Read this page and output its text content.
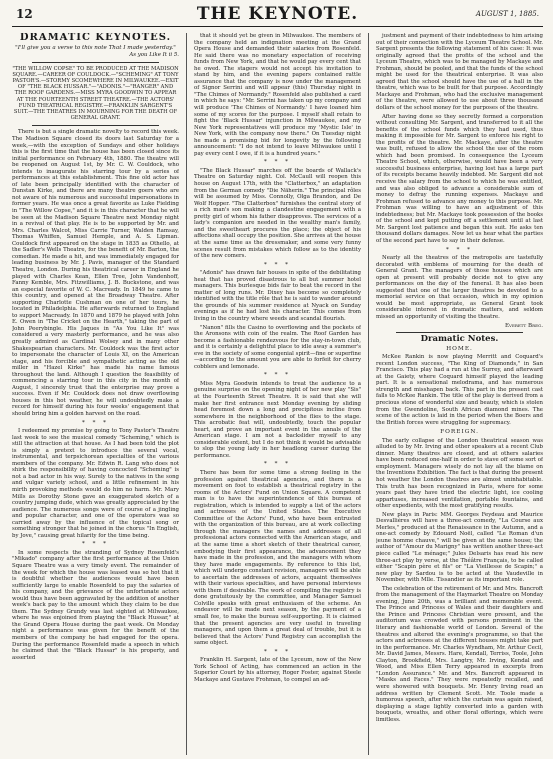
12	THE KEYNOTE.	AUGUST 1, 1885.
DRAMATIC KEYNOTES.
"I'll give you a verse to this note That I made yesterday."
As you Like It ii 5.
"THE WILLOW COPSE" TO BE PRODUCED AT THE MADISON SQUARE.—CAREER OF COULDOCK.—"SCHEMING" AT TONY PASTOR'S.—STORMY SCOMEWHERE IN MILWAUKEE.—EXIT OF "THE BLACK HUSSAR."—"ADONIS."—"RANGER" AND THE ROOF GARDENS.—MISS MYRA GOODWIN TO APPEAR AT THE FOURTEENTH STREET THEATRE.—THE ACTORS' FUND THEATRICAL REGISTRY.—FRANKLIN SARGENT'S SUIT.—THE THEATRES IN MOURNING FOR THE DEATH OF GENERAL GRANT.

There is but a single dramatic novelty to record this week. The Madison Square closed its doors last Saturday for a week,—with the exception of Sundays and other holidays this is the first time that the house has been closed since its initial performance on February 4th, 1880. The theatre will be reopened on August 1st, by Mr. C. W. Couldock, who intends to inaugurate his starring tour by a series of performances at this establishment. This fine old actor has of late been principally identified with the character of Dunstan Kirke, and there are many theatre goers who are not aware of his numerous and successful impersonations in former years. He was once a great favorite as Luke Fielding in "The Willow Copse," and it is in this character that he will be seen at the Madison Square Theatre next Monday night in a revival of that play. He is to be supported by Mr. and Mrs. Charles Walcot, Miss Carrie Turner, Walden Ramsay, Thomas Whiffen, Samuel Hemple, and A. S. Lipman. Couldock first appeared on the stage in 1835 as Othello, at the Sadler's Wells Theatre, for the benefit of Mr. Barton, the comedian. He made a hit, and was immediately engaged for leading business by Mr. J. Pavis, manager of the Standard Theatre, London. During his theatrical career in England he played with Charles Kean, Ellen Tree, John Vandenhoff, Fanny Kemble, Mrs. Fitzwilliams, J. B. Buckstone, and was an especial favorite of W. C. Macready. In 1849 he came to this country, and opened at the Broadway Theatre. After supporting Charlotte Cushman on one of her tours, he located in Philadelphia. He afterwards returned to England to support Macready. In 1870 and 1879 he played with John E. Owen in "The Cricket on the Hearth," taking the part of John Peerybingle. His Jaques in "As You Like It" was considered a very masterly performance, and he was also greatly admired as Cardinal Wolsey and in many other Shakespearian characters. Mr. Couldock was the first actor to impersonate the character of Louis XI, on the American stage, and his forcible and sympathetic acting as the old miller in "Hazel Kirke" has made his name famous throughout the land. Although I question the feasibility of commencing a starring tour in this city in the month of August, I sincerely trust that the enterprise may prove a success. Even if Mr. Couldock does not draw overflowing houses in this hot weather, he will undoubtedly make a record for himself during his four weeks' engagement that should bring him a golden harvest on the road.

* * *

I redeemed my promise by going to Tony Pastor's Theatre last week to see the musical comedy "Scheming," which is still the attraction at that house. As I had been told the plot is simply a pretext to introduce the several vocal, instrumental, and terpsichorean specialties of the various members of the company. Mr. Edwin R. Lang who does not shirk the responsibility of having concocted "Scheming" is not a bad actor in his way. Surely to the natives in the song and vulgar variety school, and a little refinement in his mirth provoking methods would do him no harm. Mr. Mary Mills as Dorothy Stone gave an exaggerated sketch of a country jumping dude, which was greatly appreciated by the audience. The numerous songs were of course of a jingling and popular character, and one of the operators was so carried away by the influence of the topical song or something stronger that he joined in the chorus "In English, by Jove," causing great hilarity for the time being.

* * *

In some respects the stranding of Sydney Rosenfeld's "Mikado" company after the first performance at the Union Square Theatre was a very timely event. The remainder of the week for which the house was leased was so hot that it is doubtful whether the audiences would have been sufficiently large to enable Rosenfeld to pay the salaries of his company, and the grievance of the unfortunate actors would thus have been aggravated by the addition of another week's back pay to the amount which they claim to be due them. The Sydney Grundy was last sighted at Milwaukee, where he was enjoined from playing the "Black Hussar," at the Grand Opera House during the past week. On Monday night a performance was given for the benefit of the members of the company he had engaged for the opera. During the performance Rosenfeld made a speech in which he claimed that the "Black Hussar" is his property, and asserted

that it should yet be given in Milwaukee. The members of the company held an indignation meeting at the Grand Opera House and demanded their salaries from Rosenfeld. He said there was no monetary expectation of receiving funds from New York, and that he would pay every cent that he owed. The stagers would not accept his invitation to stand by him, and the evening papers contained rattle assurance that the company is now under the management of Signor Serrini and will appear (this) Thursday night in "The Chimes of Normandy." Rosenfeld also published a card in which he says: "Mr. Serrini has taken up my company and will produce 'The Chimes of Normandy.' I have loaned him some of my scores for the purpose. I myself shall retain to fight the 'Black Hussar' injunction in Milwaukee, and my New York representatives will produce my 'Mystic Isle' in New York, with the company now there." On Tuesday night he made a promising bid for longevity by the following announcement: "I do not intend to leave Milwaukee until I pay every cent I owe, if it is a hundred years."

* * *

"The Black Hussar" marches off the boards of Wallack's Theatre on Saturday night. Col. McCaull will reopen this house on August 17th, with the "Clatterbox," an adaptation from the German comedy "Die Näherin." The principal rôles will be assumed by Miss. Connolly, Olga Brandon, and De Wolf Hopper. "The Clatterbox" furnishes the central story of a rich man's son making a clandestine engagement with a pretty girl of whom his father disapproves. The services of a lady's companion are needed in the wealthy man's family, and the sweetheart procures the place; the object of his affections shall occupy the position. She arrives at the house at the same time as the dressmaker, and some very funny scenes result from mistakes which follow as to the identity of the new comers.

* * *

"Adonis" has drawn fair houses in spite of the debilitating heat that has proved disastrous to all but summer hotel managers. This burlesque bids fair to beat the record in the matter of long runs. Mr. Dixey has become so completely identified with the title rôle that he is said to wander around the grounds of his summer residence at Nyack on Sunday evenings as if he had lost his character. This comes from living in the country where weeds and scandal flourish.

"Nanon" fills the Casino to overflowing and the pockets of the Aronsons with coin of the realm. The Roof Garden has become a fashionable rendezvous for the stay-in-town club, and it is certainly a delightful place to idle away a summer's eve in the society of some congenial spirit—fine or superfine—according to the amount you are able to forfeit for cherry cobblers and lemonade.

* * *

Miss Myra Goodwin intends to treat the audience to a genuine surprise on the opening night of her new play "Sis" at the Fourteenth Street Theatre. It is said that she will make her first entrance next Monday evening by sliding head foremost down a long and precipitous incline from somewhere in the neighborhood of the flies to the stage. This acrobatic feat will, undoubtedly, touch the popular heart, and prove an important event in the annals of the American stage. I am not a backslider myself to any considerable extent, but I do not think it would be advisable to slop the young lady in her headlong career during the performance.

* * *

There has been for some time a strong feeling in the profession against theatrical agencies, and there is a movement on foot to establish a theatrical registry in the rooms of the Actors' Fund on Union Square. A competent man is to have the superintendence of this bureau of registration, which is intended to supply a list of the actors and actresses of the United States. The Executive Committee of the Actors' Fund, who have been entrusted with the organization of this bureau, are at work collecting through the managers the names and addresses of all professional actors connected with the American stage, and at the same time a short sketch of their theatrical career, embodying their first appearance, the advancement they have made in the profession, and the managers with whom they have made engagements. By reference to this list, which will undergo constant revision, managers will be able to ascertain the addresses of actors, acquaint themselves with their various specialties, and have personal interviews with them if desirable. The work of compiling the registry is done gratuitously by the committee, and Manager Samuel Colville speaks with great enthusiasm of the scheme. An endeavor will be made next season, by the payment of a small fee, to make the bureau self-supporting. It is claimed that the present agencies are very useful in traveling managers, and upon them a great deal of trouble, but it is believed that the Actors' Fund Registry can accomplish the same object.

* * *

Franklin H. Sargent, late of the Lyceum, now of the New York School of Acting, has commenced an action in the Superior Court by his attorney, Roger Foster, against Steele Mackaye and Gustave Frohman, to compel an ad-

justment and payment of their indebtedness to him arising out of their connection with the Lyceum Theatre School. Mr. Sargent presents the following statement of his case: It was originally agreed that the profits of the school and the Lyceum Theatre, which was to be managed by Mackaye and Frohman, should be pooled, and that the funds of the school might be used for the theatrical enterprise. It was also agreed that the school should have the use of a hall in the theatre, which was to be built for that purpose. Accordingly Mackaye and Frohman, who had the exclusive management of the theatre, were allowed to use about three thousand dollars of the school money for the purposes of the theatre.

After having done so they secretly formed a corporation without consulting Mr. Sargent, and transferred to it all the benefits of the school funds which they had used, thus making it impossible for Mr. Sargent to enforce his right to the profits of the theatre. Mr. Mackaye, after the theatre was built, refused to allow the school the use of the room which had been promised. In consequence the Lyceum Theatre School, which, otherwise, would have been a very successful business enterprise, having lost has a large part of its receipts became heavily indebted. Mr. Sargent did not receive the salary from the school to which he was entitled, and was also obliged to advance a considerable sum of money to defray the running expenses. Mackaye and Frohman refused to advance any money to this purpose. Mr. Frohman was willing to have an adjustment of this indebtedness; but Mr. Mackaye took possession of the books of the school and kept putting off a settlement until at last Mr. Sargent lost patience and began this suit. He asks ten thousand dollars damages. Now let us hear what the parties of the second part have to say in their defense.

* * *

Nearly all the theatres of the metropolis are tastefully decorated with emblems of mourning for the death of General Grant. The managers of those houses which are open at present will probably decide not to give any performances on the day of the funeral. It has also been suggested that one of the larger theatres be devoted to a memorial service on that occasion, which in my opinion would be most appropriate, as General Grant took considerable interest in dramatic matters, and seldom missed an opportunity of visiting the theatre.

Everett Breg.
Dramatic Notes.
HOME.

McKee Rankin is now playing Merritt and Coquard's recent London success, "The King of Diamonds," in San Francisco. This play had a run at the Surrey, and afterward at the Gaiety, where Coquard himself played the leading part. It is a sensational melodrama, and has numerous strength and misshapen back. This part in the present cast falls to McKee Rankin. The title of the play is derived from a precious stone of wonderful size and beauty, which is stolen from the Gwendoline, South African diamond mines. The scene of the action is laid in the period when the Boers and the British forces were struggling for supremacy.

FOREIGN.

The early collapse of the London theatrical season was alluded to by Mr. Irving and other speakers at a recent Club dinner. Many theatres are closed, and at others salaries have been reduced one-half in order to stave off some sort of employment. Managers wisely do not lay all the blame on the Inventions Exhibition. The fact is that during the present hot weather the London theatres are almost uninhabitable. This truth has been recognized in Paris, where for some years past they have tried the electric light, ice cooling appartuses, increased ventilation, portable fountains, and other expedients, with the most gratifying results.

New plays in Paris: MM. Georges Feydeau and Maurice Desvallières will have a three-act comedy, "La Course aux Merles," produced at the Renaissance in the Autumn, and a one-act comedy by Edouard Noël, called "Le Roman d'un jeune homme chauve," will be given at the same house; the author of "Amour du Marigny" has written another three-act piece called "Le ménage;" Jules Delsaris has read his new three-act play by verse, at the Théâtre Français, to be called either "Scapin père et fils" or "La Vieillesse de Scapin;" a new play by Sardou is to be acted at the Vaudeville in November, with Mlle. Tissandier as its important role.

The celebration of the retirement of Mr. and Mrs. Bancroft from the management of the Haymarket Theatre on Monday evening, June 20th, was a brilliant and memorable event. The Prince and Princess of Wales and their daughters and the Prince and Princess Christian were present, and the auditorium was crowded with persons prominent in the literary and fashionable world of London. Several of the theatres and altered the evening's programme, so that the actors and actresses at the different houses might take part in the performance. Mr. Charles Wyndham, Mr. Arthur Cecil, Mr. David James, Messrs. Hare, Kendall, Terriss, Toole, John Clayton, Brookfield, Mrs. Langtry, Mr. Irving, Kendal and Wood, and Miss Ellen Terry appeared in excerpts from "London Assurance." Mr. and Mrs. Bancroft appeared in "Masks and Faces." They were repeatedly recalled, and were showered with bouquets. Mr. Henry Irving read an address written by Clement Scott. Mr. Toole made a humorous speech, after which the curtain was again raised, displaying a stage lightly converted into a garden with bouquets, wreaths, and other floral offerings, which were limitless.
